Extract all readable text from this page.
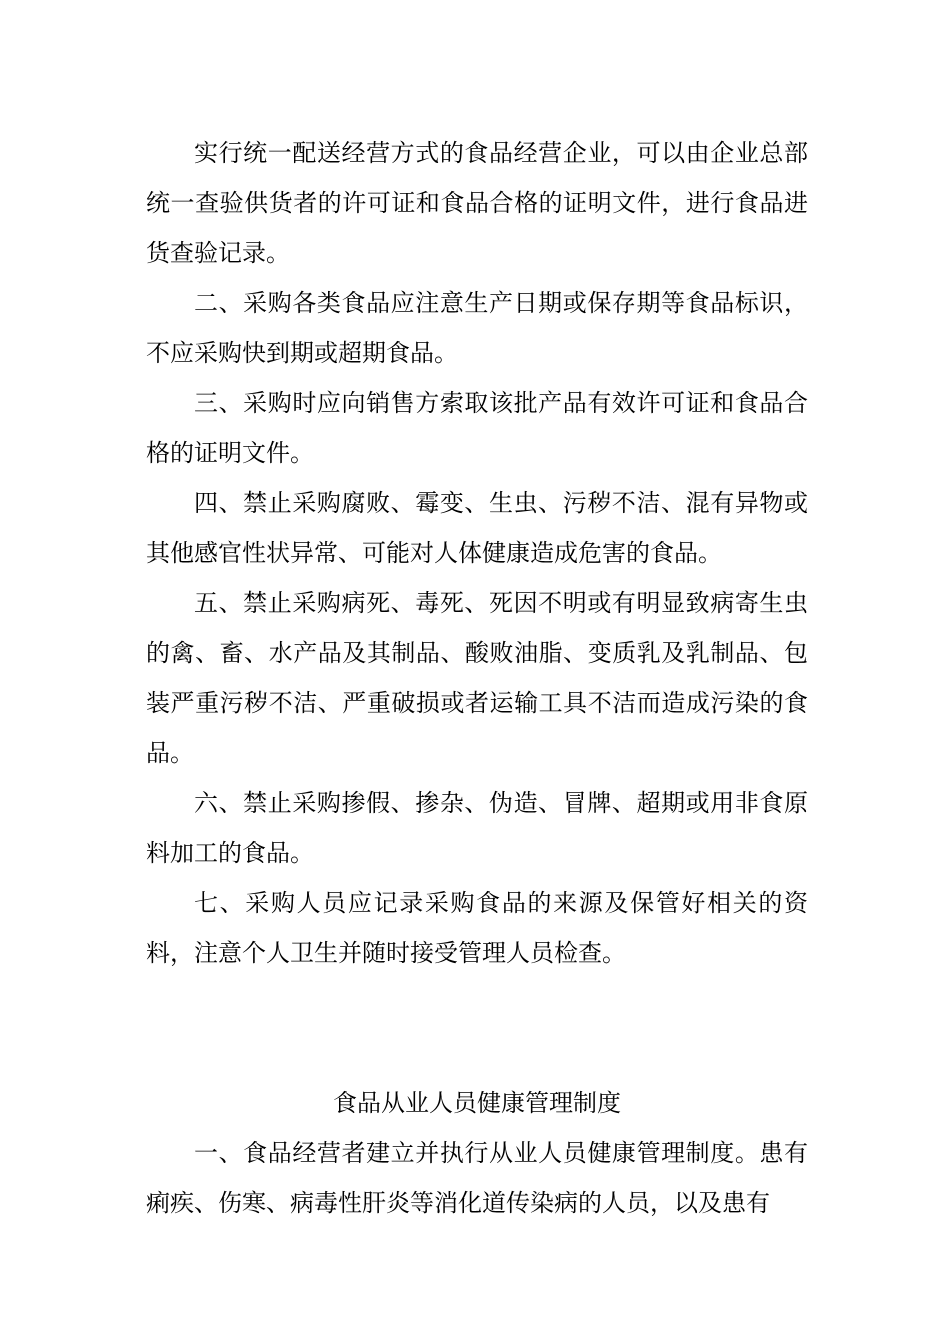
实行统一配送经营方式的食品经营企业，可以由企业总部统一查验供货者的许可证和食品合格的证明文件，进行食品进货查验记录。

二、采购各类食品应注意生产日期或保存期等食品标识，不应采购快到期或超期食品。

三、采购时应向销售方索取该批产品有效许可证和食品合格的证明文件。

四、禁止采购腐败、霉变、生虫、污秽不洁、混有异物或其他感官性状异常、可能对人体健康造成危害的食品。

五、禁止采购病死、毒死、死因不明或有明显致病寄生虫的禽、畜、水产品及其制品、酸败油脂、变质乳及乳制品、包装严重污秽不洁、严重破损或者运输工具不洁而造成污染的食品。

六、禁止采购掺假、掺杂、伪造、冒牌、超期或用非食原料加工的食品。

七、采购人员应记录采购食品的来源及保管好相关的资料，注意个人卫生并随时接受管理人员检查。

食品从业人员健康管理制度

一、食品经营者建立并执行从业人员健康管理制度。患有痢疾、伤寒、病毒性肝炎等消化道传染病的人员，以及患有
